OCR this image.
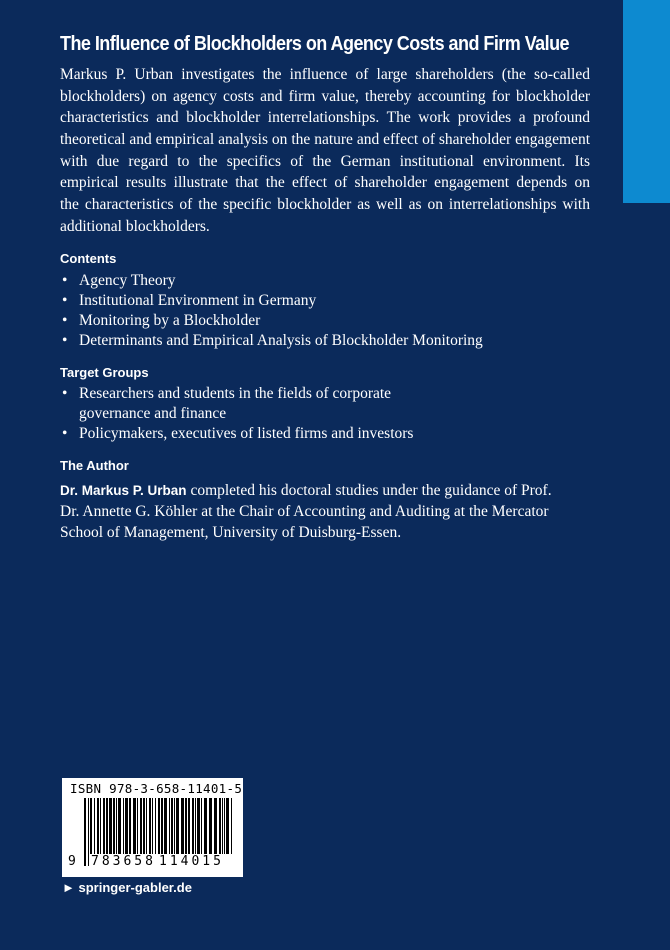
The Influence of Blockholders on Agency Costs and Firm Value
Markus P. Urban investigates the influence of large shareholders (the so-called
blockholders) on agency costs and firm value, thereby accounting for blockholder
characteristics and blockholder interrelationships. The work provides a profound
theoretical and empirical analysis on the nature and effect of shareholder engagement
with due regard to the specifics of the German institutional environment. Its
empirical results illustrate that the effect of shareholder engagement depends on
the characteristics of the specific blockholder as well as on interrelationships with
additional blockholders.
Contents
• Agency Theory
• Institutional Environment in Germany
• Monitoring by a Blockholder
• Determinants and Empirical Analysis of Blockholder Monitoring
Target Groups
• Researchers and students in the fields of corporate
governance and finance
• Policymakers, executives of listed firms and investors
The Author
Dr. Markus P. Urban completed his doctoral studies under the guidance of Prof.
Dr. Annette G. Köhler at the Chair of Accounting and Auditing at the Mercator
School of Management, University of Duisburg-Essen.
ISBN 978-3-658-11401-5
9 783658 114015
► springer-gabler.de
